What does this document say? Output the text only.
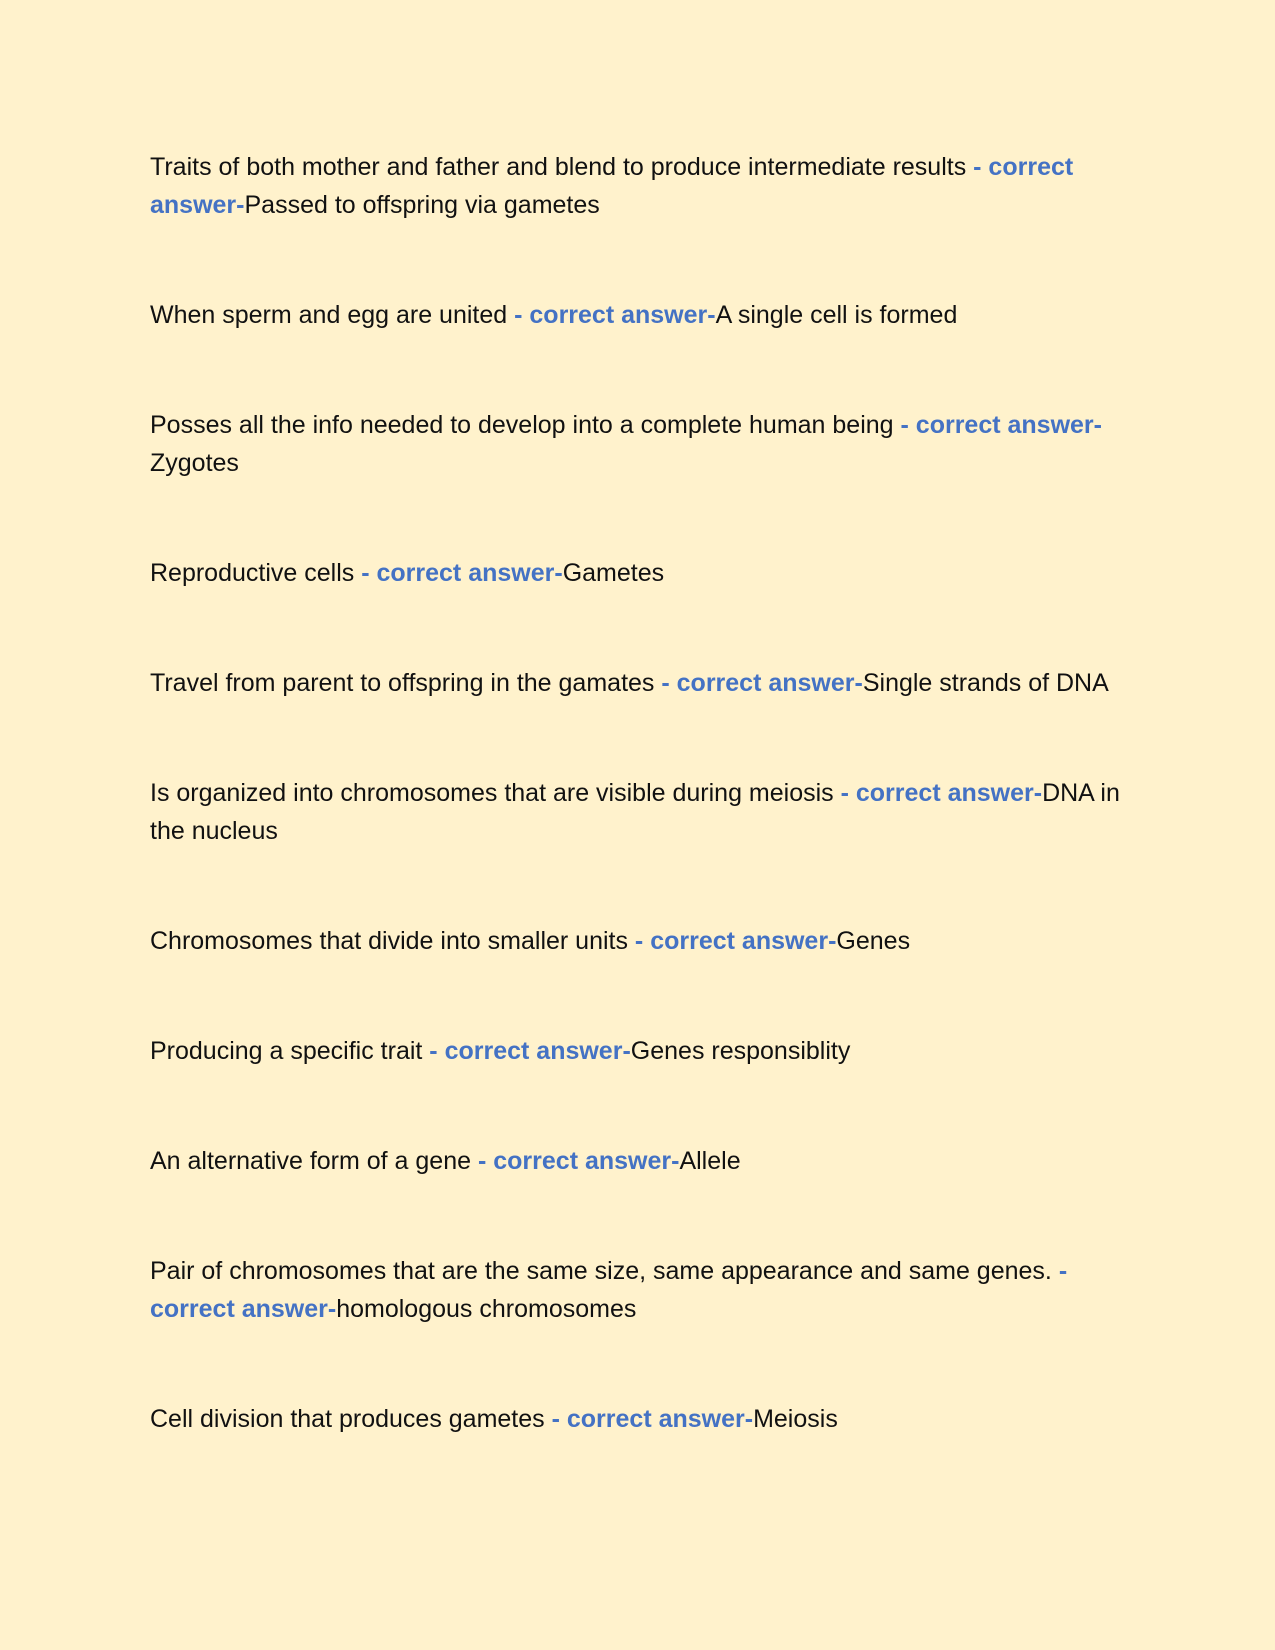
Traits of both mother and father and blend to produce intermediate results - correct answer-Passed to offspring via gametes
When sperm and egg are united - correct answer-A single cell is formed
Posses all the info needed to develop into a complete human being - correct answer-Zygotes
Reproductive cells - correct answer-Gametes
Travel from parent to offspring in the gamates - correct answer-Single strands of DNA
Is organized into chromosomes that are visible during meiosis - correct answer-DNA in the nucleus
Chromosomes that divide into smaller units - correct answer-Genes
Producing a specific trait - correct answer-Genes responsiblity
An alternative form of a gene - correct answer-Allele
Pair of chromosomes that are the same size, same appearance and same genes. - correct answer-homologous chromosomes
Cell division that produces gametes - correct answer-Meiosis
